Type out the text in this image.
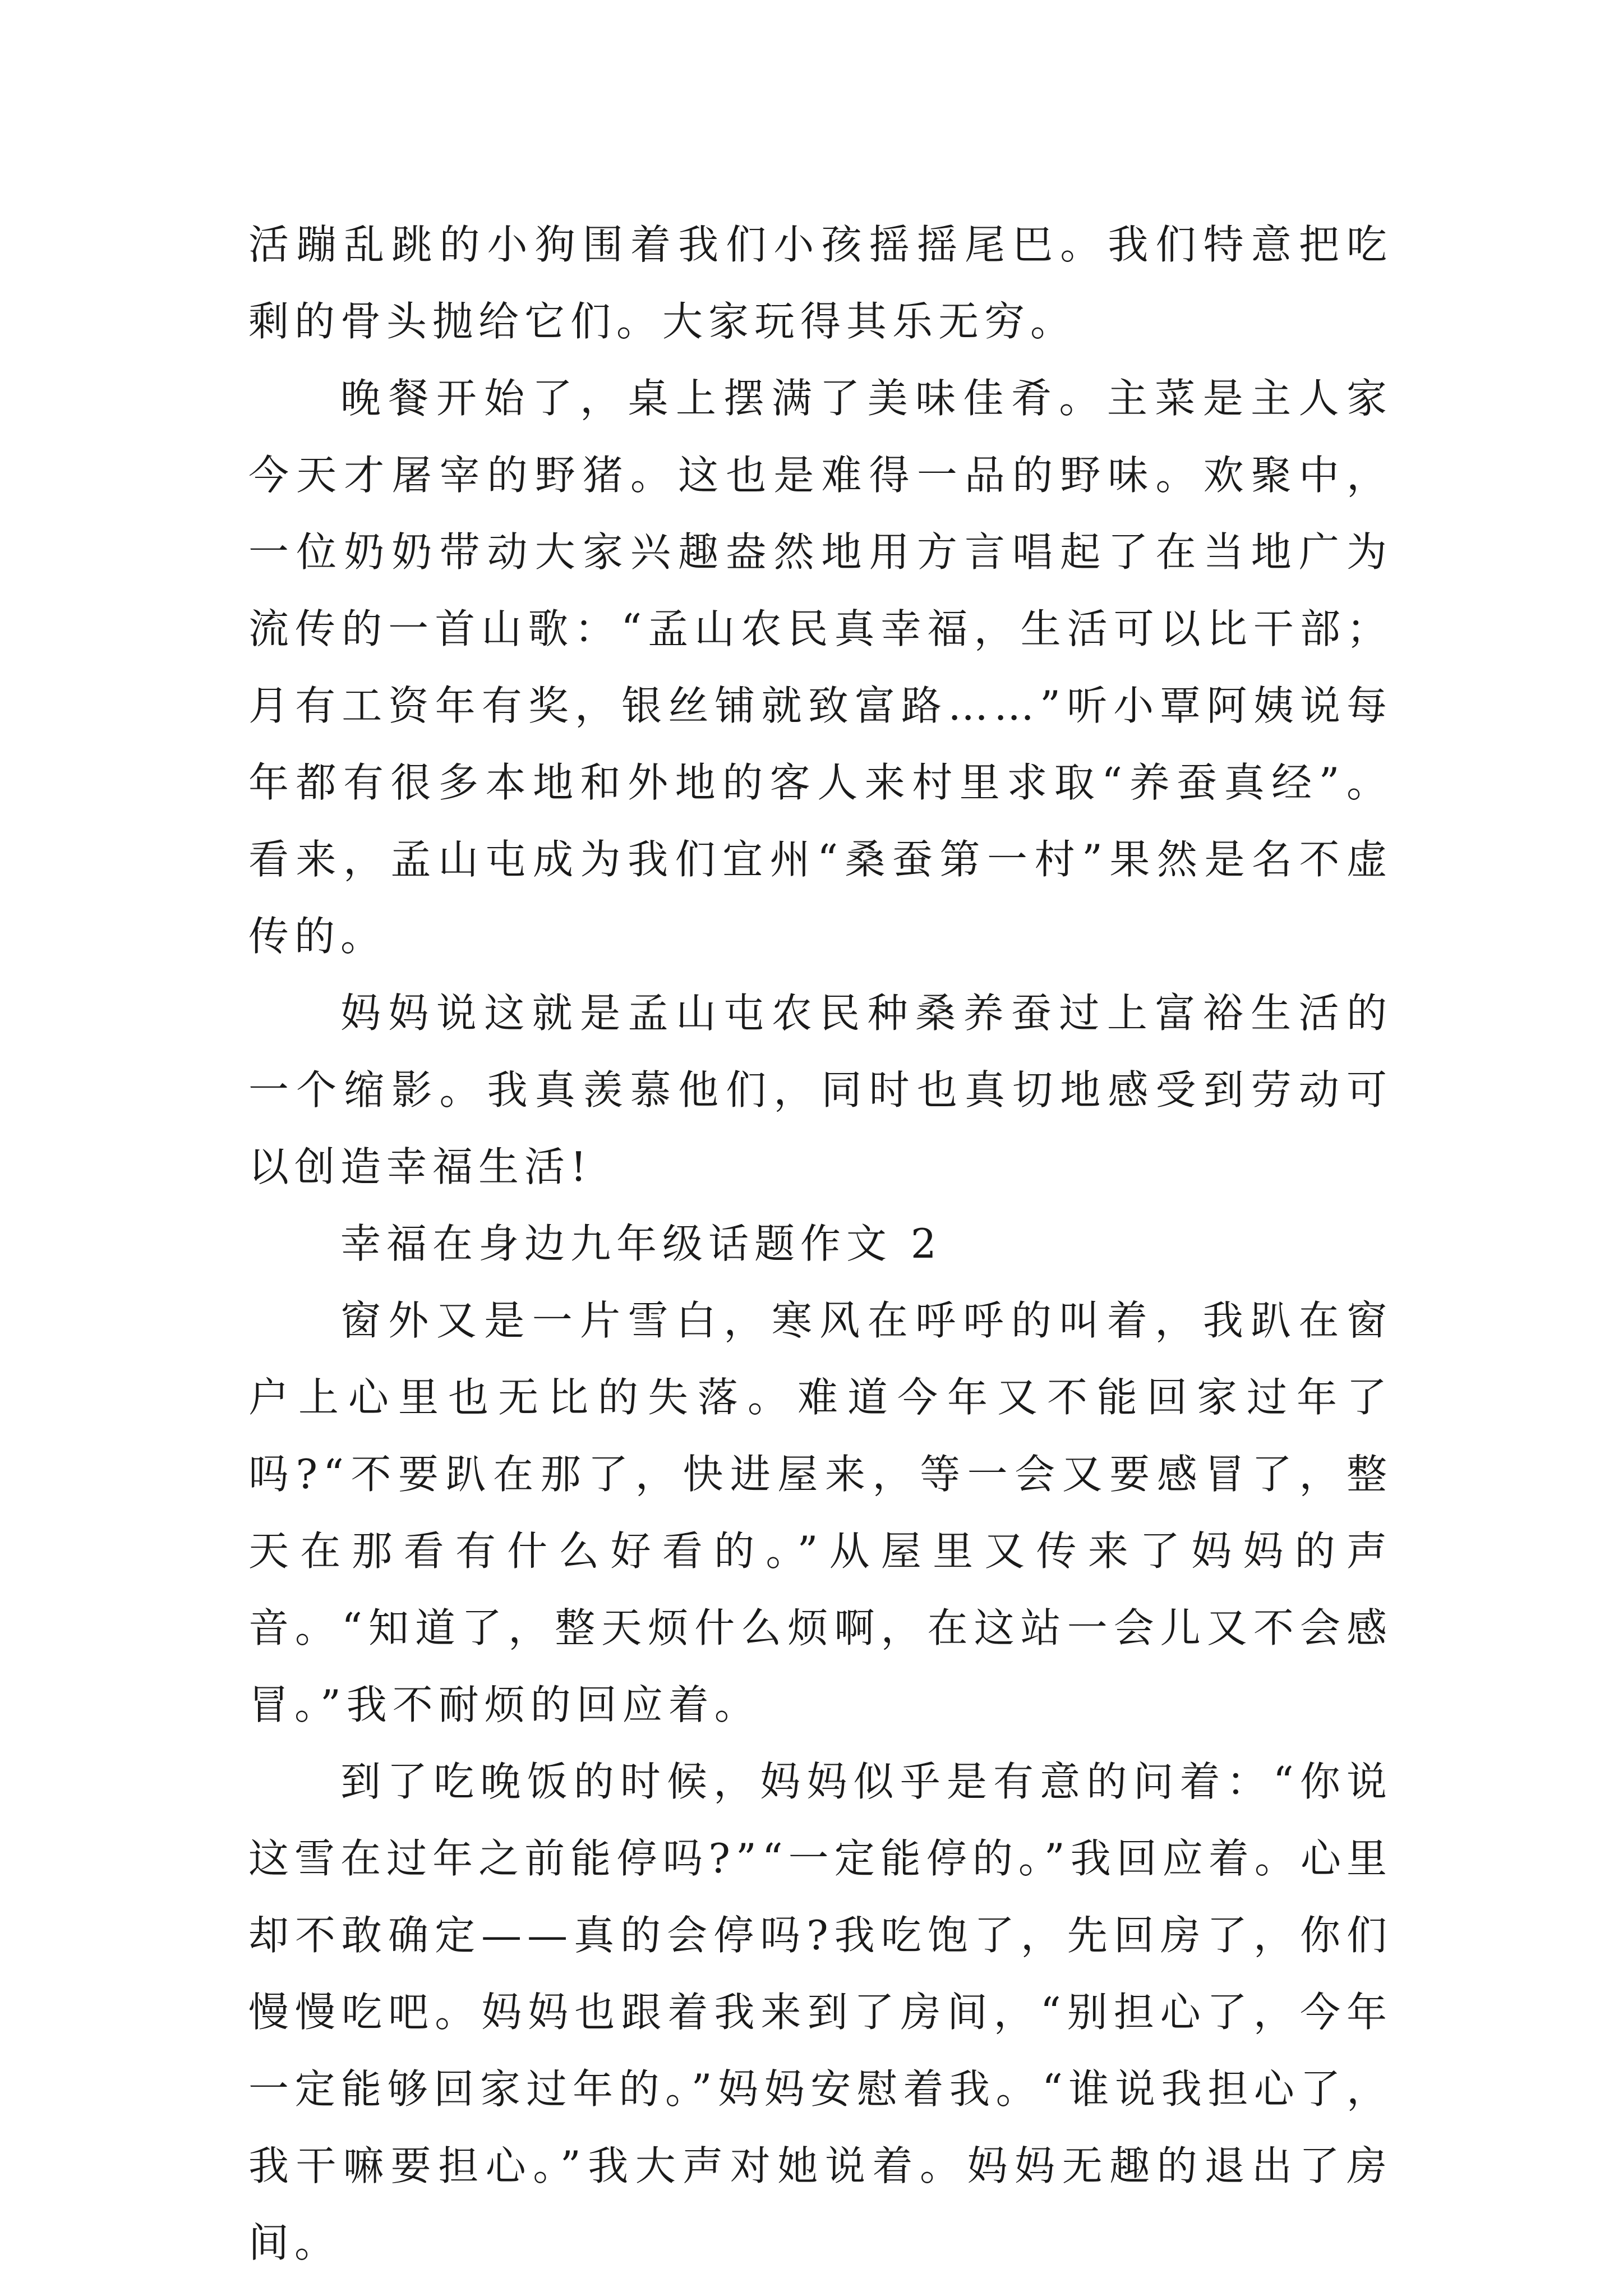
活蹦乱跳的小狗围着我们小孩摇摇尾巴。我们特意把吃剩的骨头抛给它们。大家玩得其乐无穷。

晚餐开始了，桌上摆满了美味佳肴。主菜是主人家今天才屠宰的野猪。这也是难得一品的野味。欢聚中，一位奶奶带动大家兴趣盎然地用方言唱起了在当地广为流传的一首山歌：“孟山农民真幸福，生活可以比干部；月有工资年有奖，银丝铺就致富路……”听小覃阿姨说每年都有很多本地和外地的客人来村里求取“养蚕真经”。 看来，孟山屯成为我们宜州“桑蚕第一村”果然是名不虚传的。

妈妈说这就是孟山屯农民种桑养蚕过上富裕生活的一个缩影。我真羡慕他们，同时也真切地感受到劳动可以创造幸福生活!

幸福在身边九年级话题作文 2

窗外又是一片雪白，寒风在呼呼的叫着，我趴在窗户上心里也无比的失落。难道今年又不能回家过年了吗?“不要趴在那了，快进屋来，等一会又要感冒了，整天在那看有什么好看的。”从屋里又传来了妈妈的声音。“知道了，整天烦什么烦啊，在这站一会儿又不会感冒。”我不耐烦的回应着。

到了吃晚饭的时候，妈妈似乎是有意的问着：“你说这雪在过年之前能停吗?”“一定能停的。”我回应着。心里却不敢确定——真的会停吗?我吃饱了，先回房了，你们慢慢吃吧。妈妈也跟着我来到了房间，“别担心了，今年一定能够回家过年的。”妈妈安慰着我。“谁说我担心了，我干嘛要担心。”我大声对她说着。妈妈无趣的退出了房间。
